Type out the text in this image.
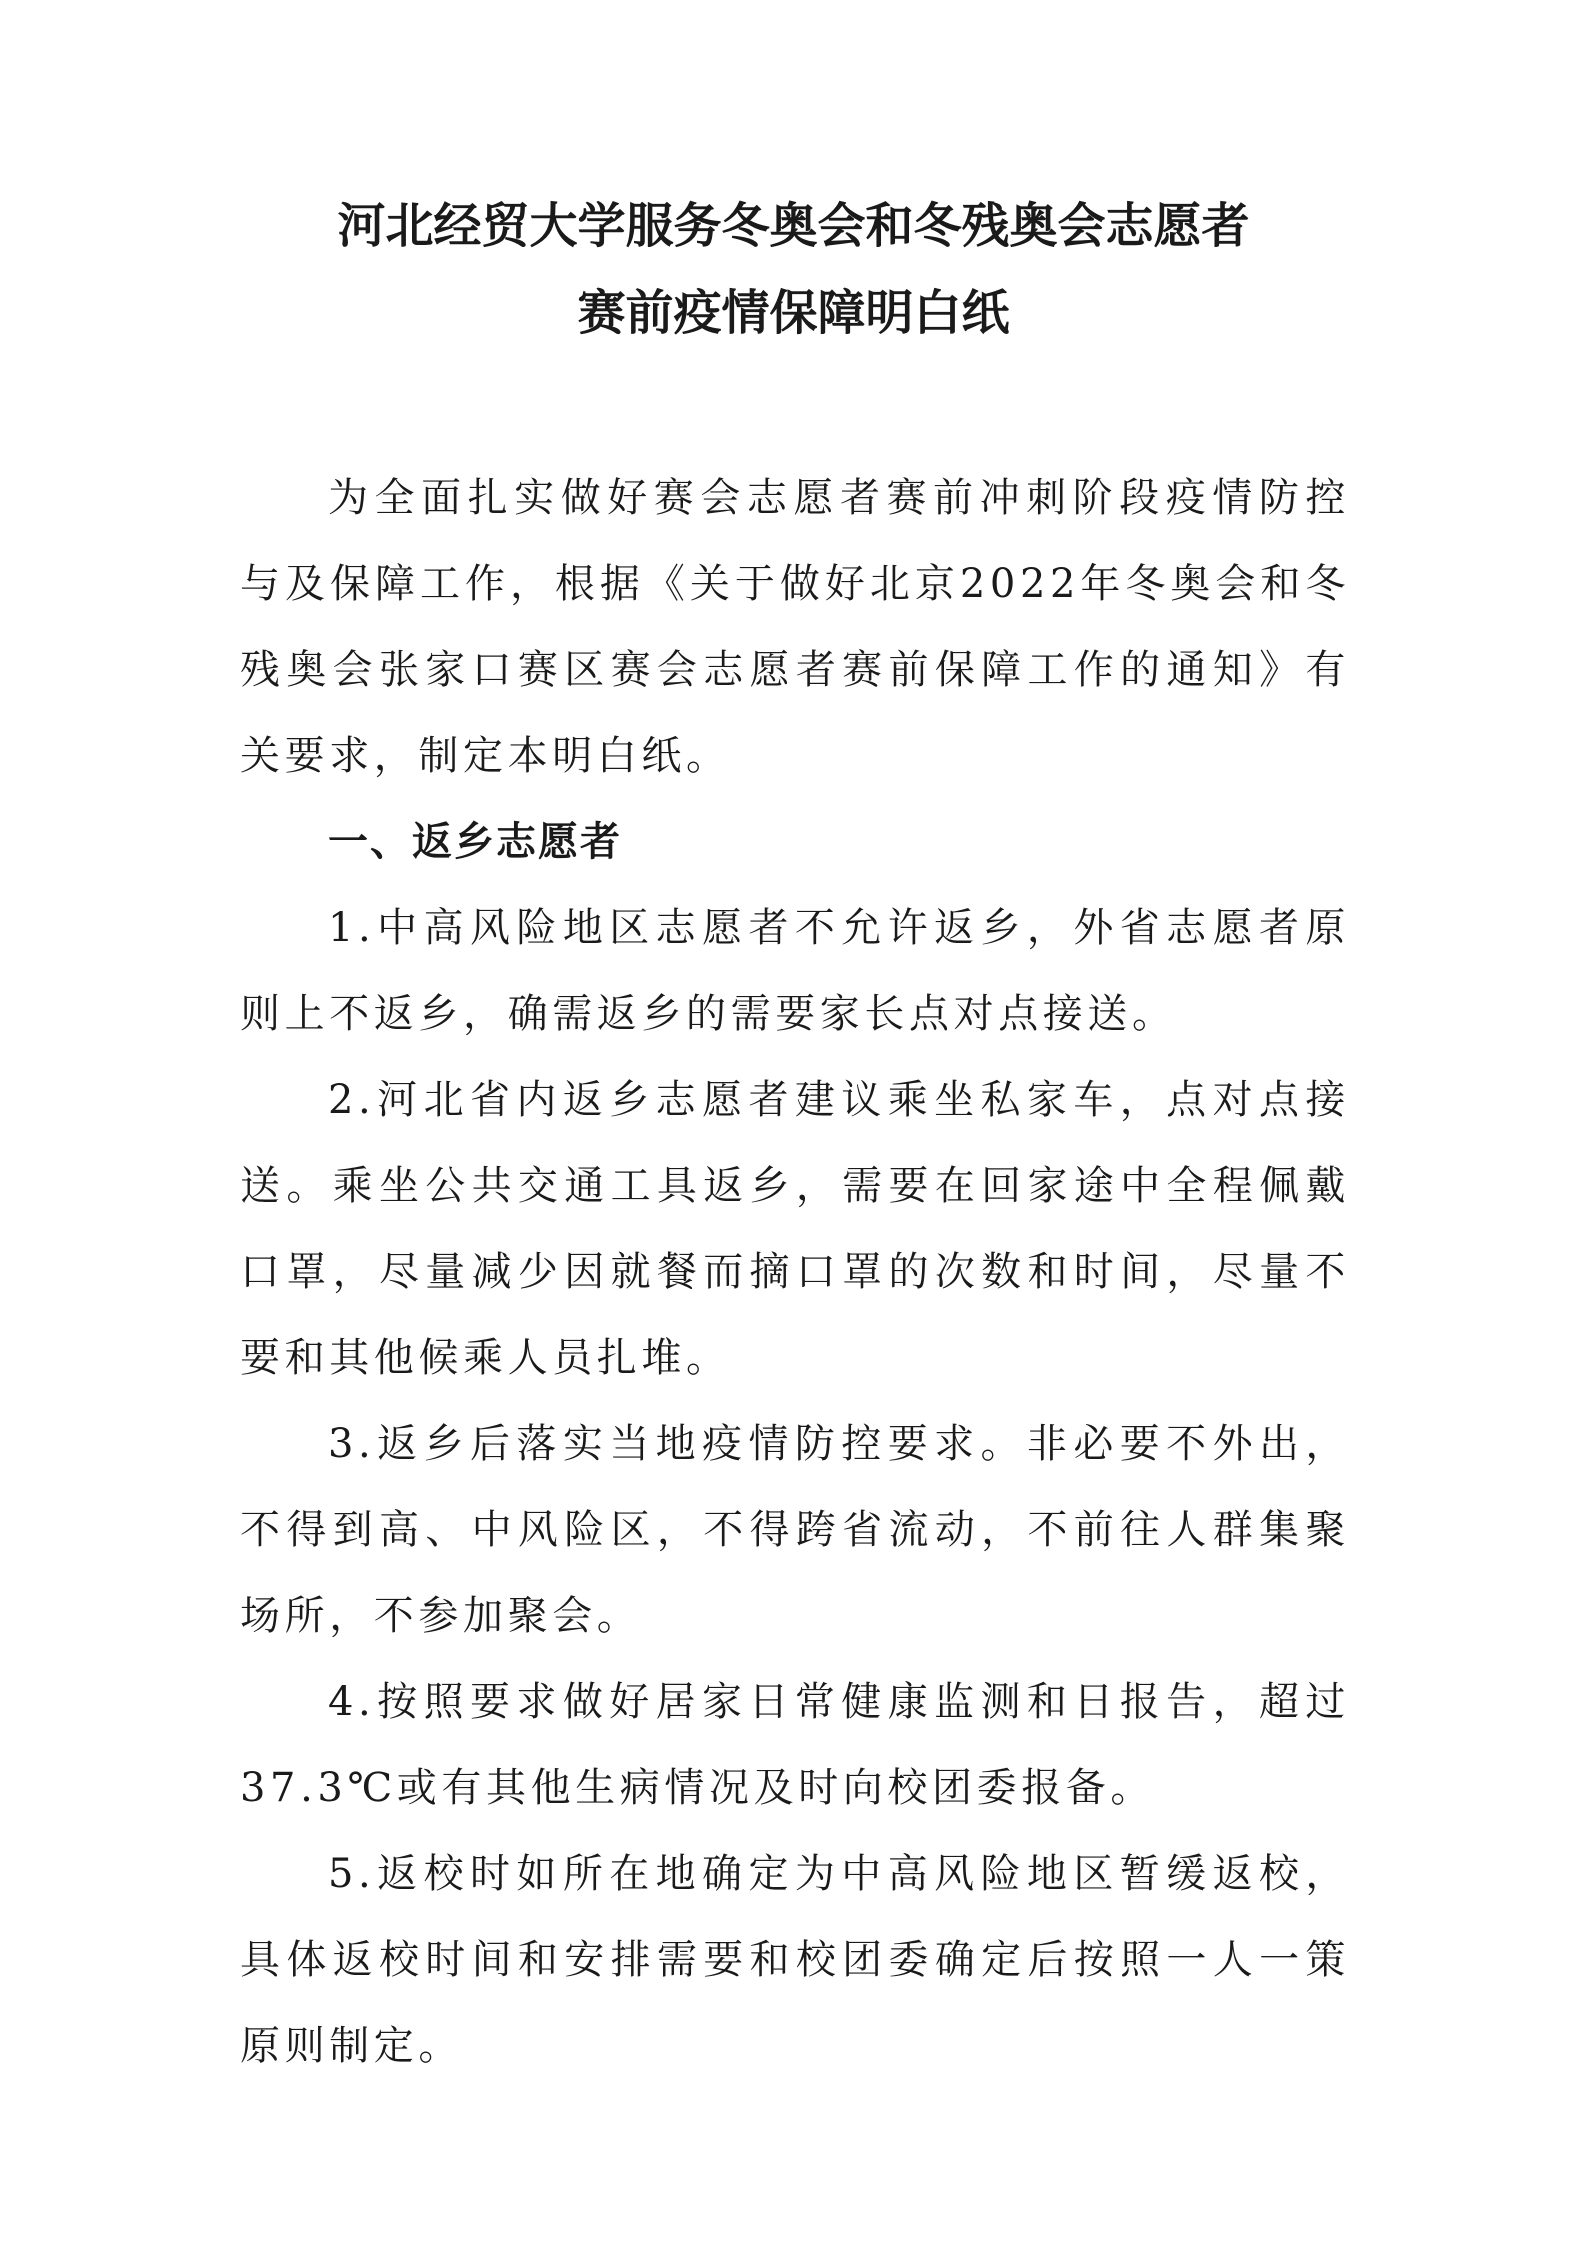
河北经贸大学服务冬奥会和冬残奥会志愿者
赛前疫情保障明白纸

为全面扎实做好赛会志愿者赛前冲刺阶段疫情防控与及保障工作，根据《关于做好北京2022年冬奥会和冬残奥会张家口赛区赛会志愿者赛前保障工作的通知》有关要求，制定本明白纸。

一、返乡志愿者

1.中高风险地区志愿者不允许返乡，外省志愿者原则上不返乡，确需返乡的需要家长点对点接送。

2.河北省内返乡志愿者建议乘坐私家车，点对点接送。乘坐公共交通工具返乡，需要在回家途中全程佩戴口罩，尽量减少因就餐而摘口罩的次数和时间，尽量不要和其他候乘人员扎堆。

3.返乡后落实当地疫情防控要求。非必要不外出，不得到高、中风险区，不得跨省流动，不前往人群集聚场所，不参加聚会。

4.按照要求做好居家日常健康监测和日报告，超过37.3℃或有其他生病情况及时向校团委报备。

5.返校时如所在地确定为中高风险地区暂缓返校，具体返校时间和安排需要和校团委确定后按照一人一策原则制定。
